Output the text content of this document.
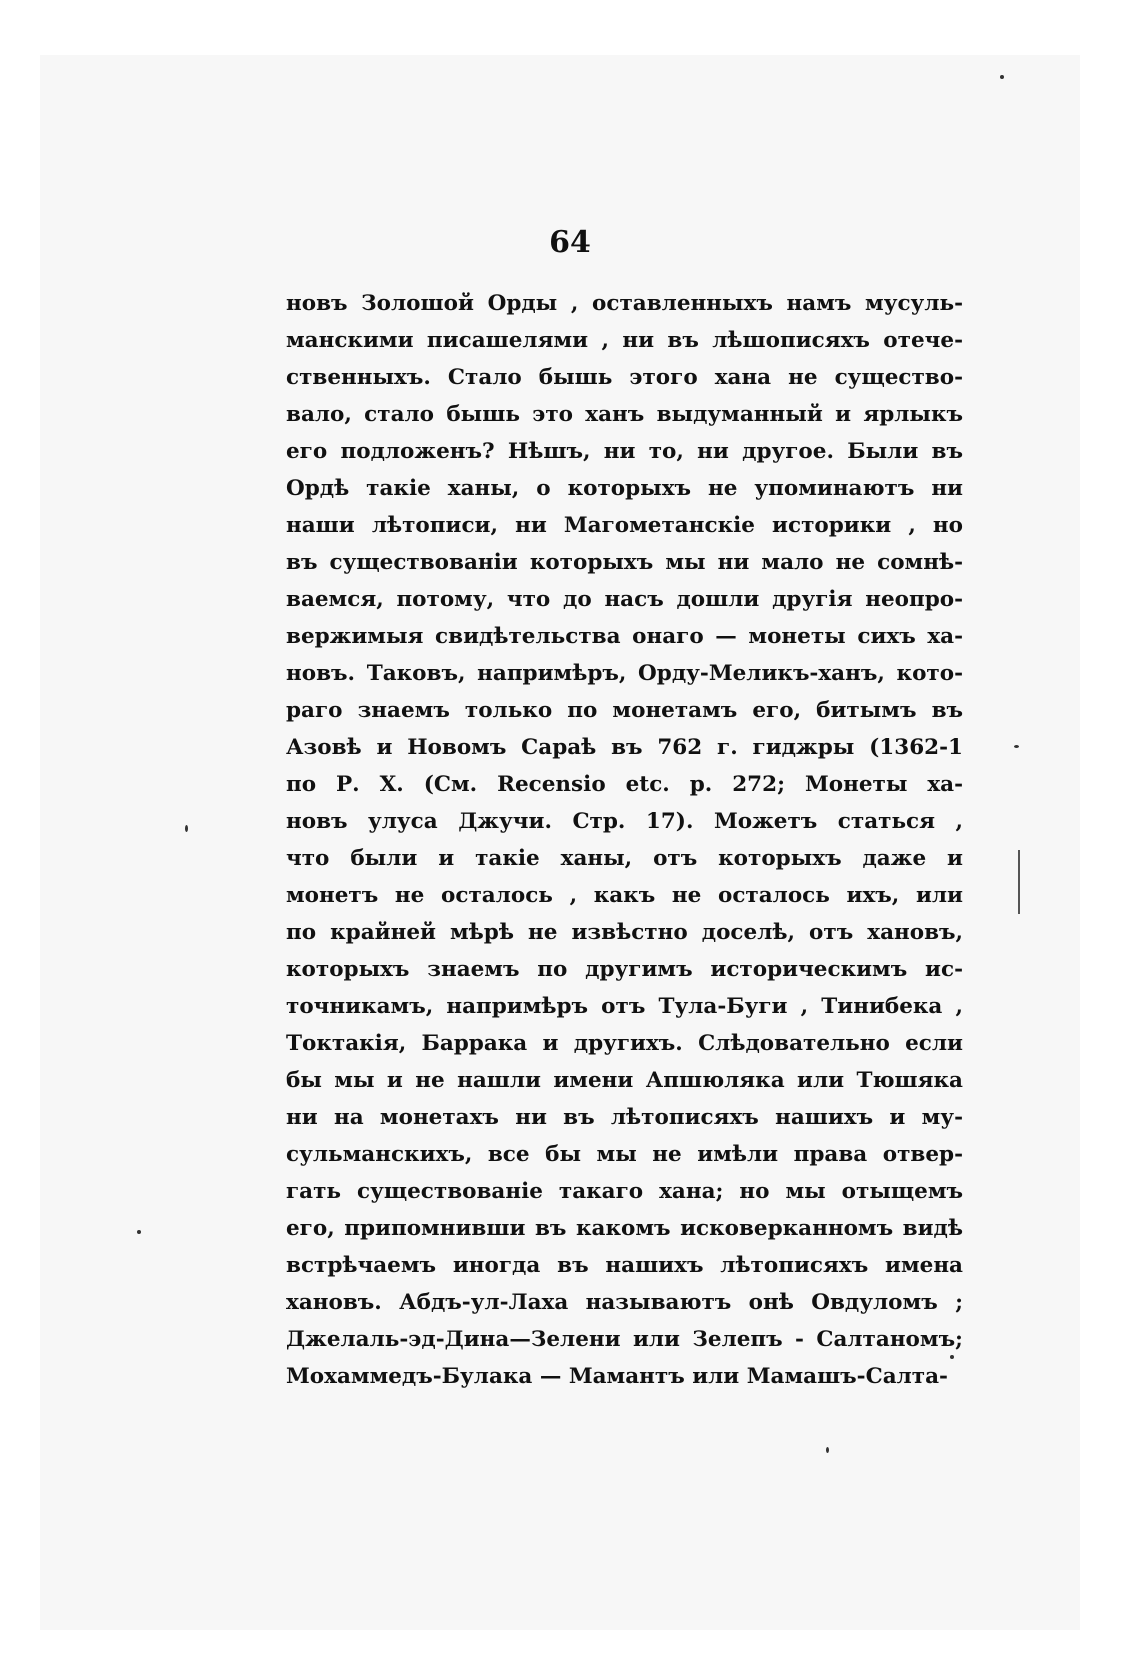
64
новъ Золошой Орды , оставленныхъ намъ мусуль-
манскими писашелями , ни въ лѣшописяхъ отече-
ственныхъ. Стало бышь этого хана не существо-
вало, стало бышь это ханъ выдуманный и ярлыкъ
его подложенъ? Нѣшъ, ни то, ни другое. Были въ
Ордѣ такіе ханы, о которыхъ не упоминаютъ ни
наши лѣтописи, ни Магометанскіе историки , но
въ существованіи которыхъ мы ни мало не сомнѣ-
ваемся, потому, что до насъ дошли другія неопро-
вержимыя свидѣтельства онаго — монеты сихъ ха-
новъ. Таковъ, напримѣръ, Орду-Меликъ-ханъ, кото-
раго знаемъ только по монетамъ его, битымъ въ
Азовѣ и Новомъ Сараѣ въ 762 г. гиджры (1362-1
по Р. Х. (См. Recensio etc. p. 272; Монеты ха-
новъ улуса Джучи. Стр. 17). Можетъ статься ,
что были и такіе ханы, отъ которыхъ даже и
монетъ не осталось , какъ не осталось ихъ, или
по крайней мѣрѣ не извѣстно доселѣ, отъ хановъ,
которыхъ знаемъ по другимъ историческимъ ис-
точникамъ, напримѣръ отъ Тула-Буги , Тинибека ,
Токтакія, Баррака и другихъ. Слѣдовательно если
бы мы и не нашли имени Апшюляка или Тюшяка
ни на монетахъ ни въ лѣтописяхъ нашихъ и му-
сульманскихъ, все бы мы не имѣли права отвер-
гать существованіе такаго хана; но мы отыщемъ
его, припомнивши въ какомъ исковерканномъ видѣ
встрѣчаемъ иногда въ нашихъ лѣтописяхъ имена
хановъ. Абдъ-ул-Лаха называютъ онѣ Овдуломъ ;
Джелаль-эд-Дина—Зелени или Зелепъ - Салтаномъ;
Мохаммедъ-Булака — Мамантъ или Мамашъ-Салта-
